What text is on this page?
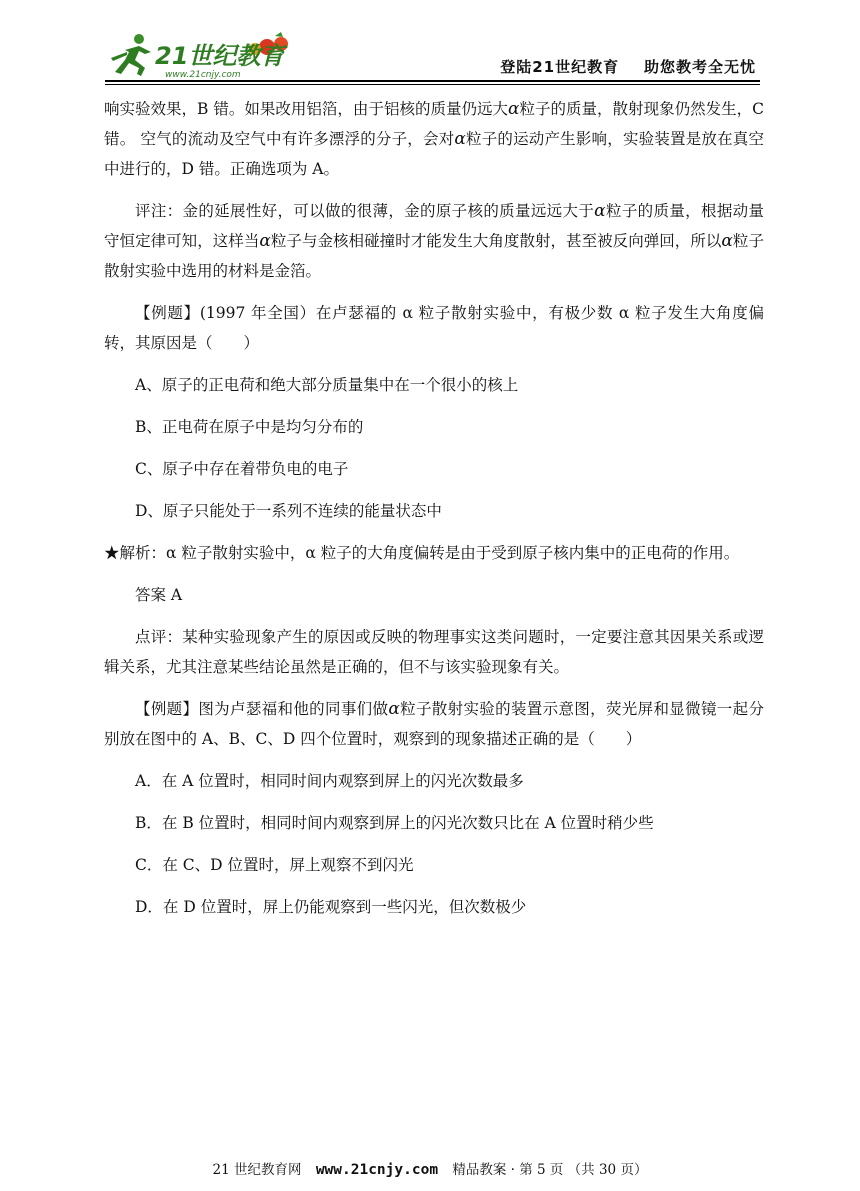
21世纪教育
www.21cnjy.com	登陆21世纪教育    助您教考全无忧

响实验效果，B 错。如果改用铝箔，由于铝核的质量仍远大α粒子的质量，散射现象仍然发生，C 错。 空气的流动及空气中有许多漂浮的分子，会对α粒子的运动产生影响，实验装置是放在真空中进行的，D 错。正确选项为 A。

评注：金的延展性好，可以做的很薄，金的原子核的质量远远大于α粒子的质量，根据动量守恒定律可知，这样当α粒子与金核相碰撞时才能发生大角度散射，甚至被反向弹回，所以α粒子散射实验中选用的材料是金箔。

【例题】(1997 年全国）在卢瑟福的 α 粒子散射实验中，有极少数 α 粒子发生大角度偏转，其原因是（　　）

A、原子的正电荷和绝大部分质量集中在一个很小的核上

B、正电荷在原子中是均匀分布的

C、原子中存在着带负电的电子

D、原子只能处于一系列不连续的能量状态中

★解析：α 粒子散射实验中，α 粒子的大角度偏转是由于受到原子核内集中的正电荷的作用。

答案 A

点评：某种实验现象产生的原因或反映的物理事实这类问题时，一定要注意其因果关系或逻辑关系，尤其注意某些结论虽然是正确的，但不与该实验现象有关。

【例题】图为卢瑟福和他的同事们做α粒子散射实验的装置示意图，荧光屏和显微镜一起分别放在图中的 A、B、C、D 四个位置时，观察到的现象描述正确的是（　　）

A．在 A 位置时，相同时间内观察到屏上的闪光次数最多

B．在 B 位置时，相同时间内观察到屏上的闪光次数只比在 A 位置时稍少些

C．在 C、D 位置时，屏上观察不到闪光

D．在 D 位置时，屏上仍能观察到一些闪光，但次数极少

21 世纪教育网 www.21cnjy.com 精品教案 · 第 5 页 （共 30 页）
